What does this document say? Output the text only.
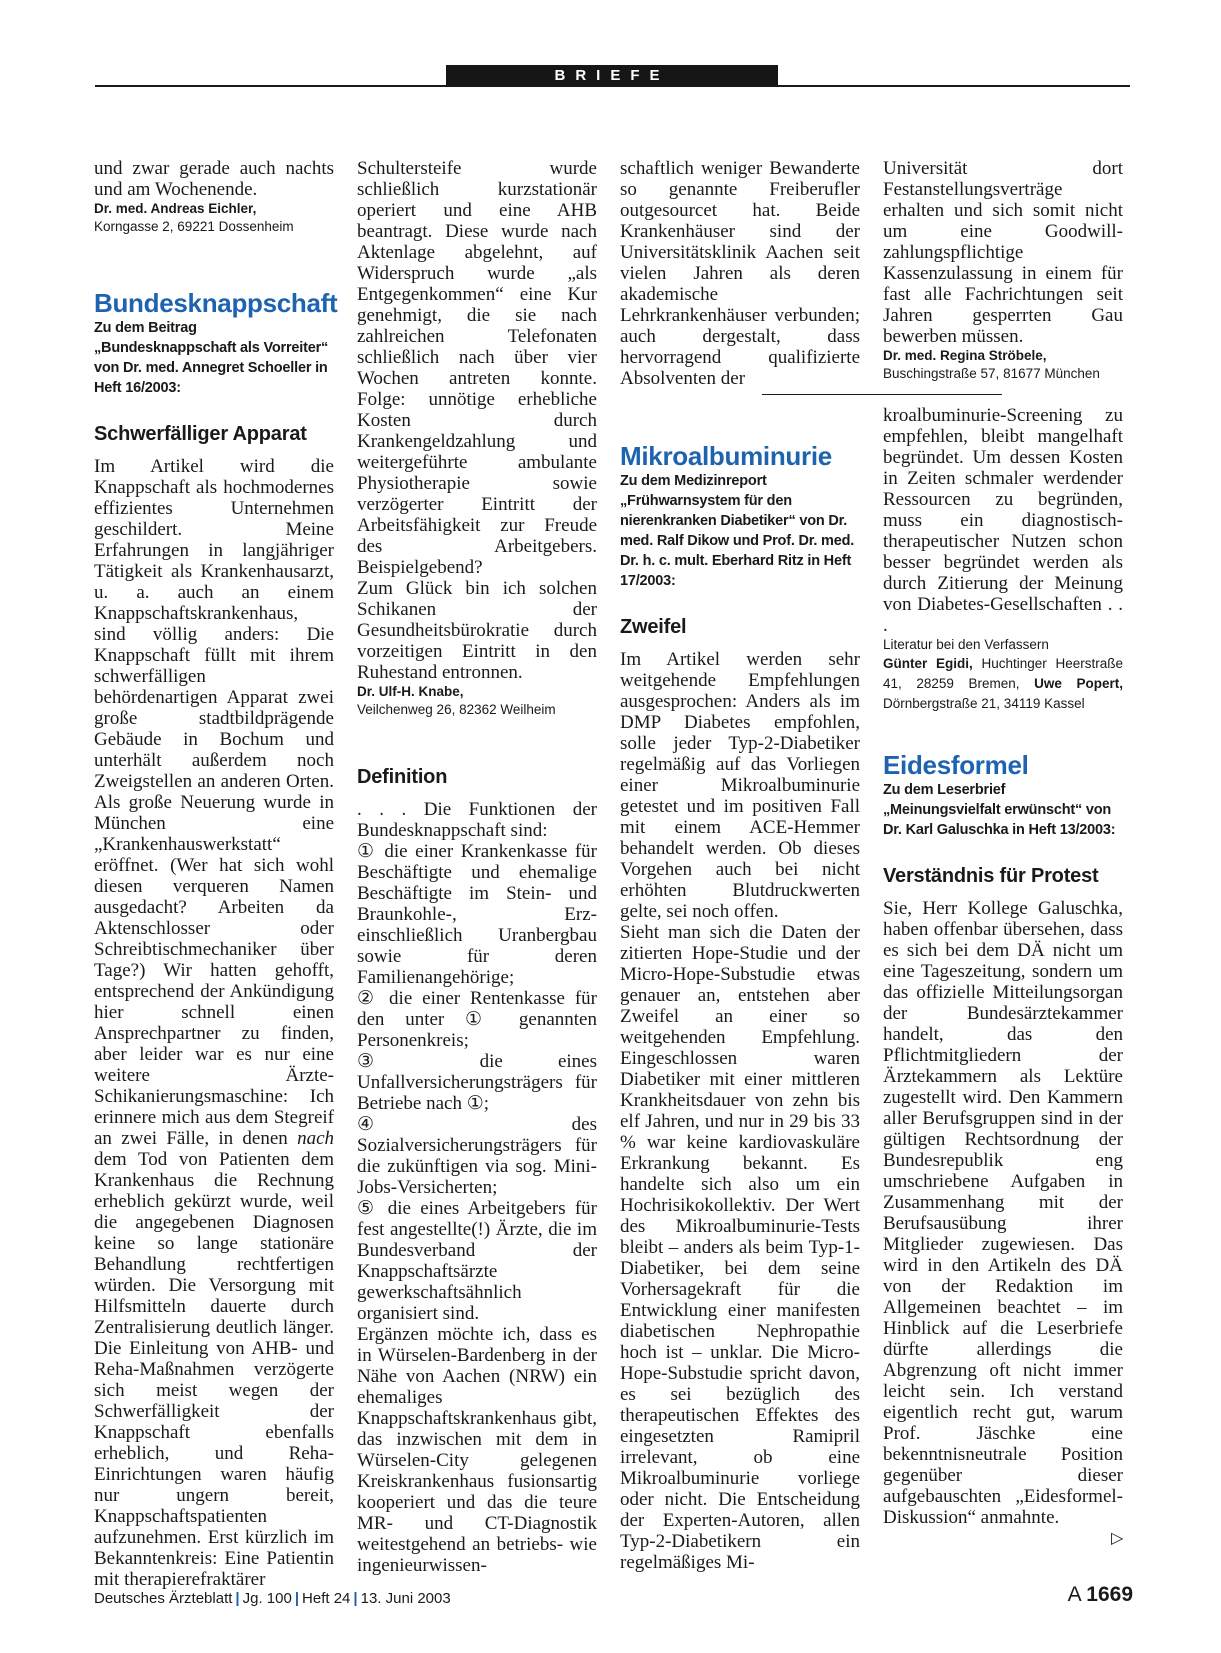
BRIEFE

und zwar gerade auch nachts und am Wochenende.

Dr. med. Andreas Eichler,

Korngasse 2, 69221 Dossenheim

Bundesknappschaft

Zu dem Beitrag „Bundesknappschaft als Vorreiter“ von Dr. med. Annegret Schoeller in Heft 16/2003:

Schwerfälliger Apparat

Im Artikel wird die Knappschaft als hochmodernes effizientes Unternehmen geschildert. Meine Erfahrungen in langjähriger Tätigkeit als Krankenhausarzt, u. a. auch an einem Knappschaftskrankenhaus, sind völlig anders: Die Knappschaft füllt mit ihrem schwerfälligen behördenartigen Apparat zwei große stadtbildprägende Gebäude in Bochum und unterhält außerdem noch Zweigstellen an anderen Orten. Als große Neuerung wurde in München eine „Krankenhauswerkstatt“ eröffnet. (Wer hat sich wohl diesen verqueren Namen ausgedacht? Arbeiten da Aktenschlosser oder Schreibtischmechaniker über Tage?) Wir hatten gehofft, entsprechend der Ankündigung hier schnell einen Ansprechpartner zu finden, aber leider war es nur eine weitere Ärzte-Schikanierungsmaschine: Ich erinnere mich aus dem Stegreif an zwei Fälle, in denen nach dem Tod von Patienten dem Krankenhaus die Rechnung erheblich gekürzt wurde, weil die angegebenen Diagnosen keine so lange stationäre Behandlung rechtfertigen würden. Die Versorgung mit Hilfsmitteln dauerte durch Zentralisierung deutlich länger. Die Einleitung von AHB- und Reha-Maßnahmen verzögerte sich meist wegen der Schwerfälligkeit der Knappschaft ebenfalls erheblich, und Reha-Einrichtungen waren häufig nur ungern bereit, Knappschaftspatienten aufzunehmen. Erst kürzlich im Bekanntenkreis: Eine Patientin mit therapierefraktärer

Schultersteife wurde schließlich kurzstationär operiert und eine AHB beantragt. Diese wurde nach Aktenlage abgelehnt, auf Widerspruch wurde „als Entgegenkommen“ eine Kur genehmigt, die sie nach zahlreichen Telefonaten schließlich nach über vier Wochen antreten konnte. Folge: unnötige erhebliche Kosten durch Krankengeldzahlung und weitergeführte ambulante Physiotherapie sowie verzögerter Eintritt der Arbeitsfähigkeit zur Freude des Arbeitgebers. Beispielgebend?

Zum Glück bin ich solchen Schikanen der Gesundheitsbürokratie durch vorzeitigen Eintritt in den Ruhestand entronnen.

Dr. Ulf-H. Knabe,

Veilchenweg 26, 82362 Weilheim

Definition

. . . Die Funktionen der Bundesknappschaft sind:

① die einer Krankenkasse für Beschäftigte und ehemalige Beschäftigte im Stein- und Braunkohle-, Erz- einschließlich Uranbergbau sowie für deren Familienangehörige;

② die einer Rentenkasse für den unter ① genannten Personenkreis;

③ die eines Unfallversicherungsträgers für Betriebe nach ①;

④ des Sozialversicherungsträgers für die zukünftigen via sog. Mini-Jobs-Versicherten;

⑤ die eines Arbeitgebers für fest angestellte(!) Ärzte, die im Bundesverband der Knappschaftsärzte gewerkschaftsähnlich organisiert sind.

Ergänzen möchte ich, dass es in Würselen-Bardenberg in der Nähe von Aachen (NRW) ein ehemaliges Knappschaftskrankenhaus gibt, das inzwischen mit dem in Würselen-City gelegenen Kreiskrankenhaus fusionsartig kooperiert und das die teure MR- und CT-Diagnostik weitestgehend an betriebs- wie ingenieurwissen-

schaftlich weniger Bewanderte so genannte Freiberufler outgesourcet hat. Beide Krankenhäuser sind der Universitätsklinik Aachen seit vielen Jahren als deren akademische Lehrkrankenhäuser verbunden; auch dergestalt, dass hervorragend qualifizierte Absolventen der

Mikroalbuminurie

Zu dem Medizinreport „Frühwarnsystem für den nierenkranken Diabetiker“ von Dr. med. Ralf Dikow und Prof. Dr. med. Dr. h. c. mult. Eberhard Ritz in Heft 17/2003:

Zweifel

Im Artikel werden sehr weitgehende Empfehlungen ausgesprochen: Anders als im DMP Diabetes empfohlen, solle jeder Typ-2-Diabetiker regelmäßig auf das Vorliegen einer Mikroalbuminurie getestet und im positiven Fall mit einem ACE-Hemmer behandelt werden. Ob dieses Vorgehen auch bei nicht erhöhten Blutdruckwerten gelte, sei noch offen.

Sieht man sich die Daten der zitierten Hope-Studie und der Micro-Hope-Substudie etwas genauer an, entstehen aber Zweifel an einer so weitgehenden Empfehlung. Eingeschlossen waren Diabetiker mit einer mittleren Krankheitsdauer von zehn bis elf Jahren, und nur in 29 bis 33 % war keine kardiovaskuläre Erkrankung bekannt. Es handelte sich also um ein Hochrisikokollektiv. Der Wert des Mikroalbuminurie-Tests bleibt – anders als beim Typ-1-Diabetiker, bei dem seine Vorhersagekraft für die Entwicklung einer manifesten diabetischen Nephropathie hoch ist – unklar. Die Micro-Hope-Substudie spricht davon, es sei bezüglich des therapeutischen Effektes des eingesetzten Ramipril irrelevant, ob eine Mikroalbuminurie vorliege oder nicht. Die Entscheidung der Experten-Autoren, allen Typ-2-Diabetikern ein regelmäßiges Mi-

Universität dort Festanstellungsverträge erhalten und sich somit nicht um eine Goodwill-zahlungspflichtige Kassenzulassung in einem für fast alle Fachrichtungen seit Jahren gesperrten Gau bewerben müssen.

Dr. med. Regina Ströbele,

Buschingstraße 57, 81677 München

kroalbuminurie-Screening zu empfehlen, bleibt mangelhaft begründet. Um dessen Kosten in Zeiten schmaler werdender Ressourcen zu begründen, muss ein diagnostisch-therapeutischer Nutzen schon besser begründet werden als durch Zitierung der Meinung von Diabetes-Gesellschaften . . .

Literatur bei den Verfassern

Günter Egidi, Huchtinger Heerstraße 41, 28259 Bremen, Uwe Popert, Dörnbergstraße 21, 34119 Kassel

Eidesformel

Zu dem Leserbrief „Meinungsvielfalt erwünscht“ von Dr. Karl Galuschka in Heft 13/2003:

Verständnis für Protest

Sie, Herr Kollege Galuschka, haben offenbar übersehen, dass es sich bei dem DÄ nicht um eine Tageszeitung, sondern um das offizielle Mitteilungsorgan der Bundesärztekammer handelt, das den Pflichtmitgliedern der Ärztekammern als Lektüre zugestellt wird. Den Kammern aller Berufsgruppen sind in der gültigen Rechtsordnung der Bundesrepublik eng umschriebene Aufgaben in Zusammenhang mit der Berufsausübung ihrer Mitglieder zugewiesen. Das wird in den Artikeln des DÄ von der Redaktion im Allgemeinen beachtet – im Hinblick auf die Leserbriefe dürfte allerdings die Abgrenzung oft nicht immer leicht sein. Ich verstand eigentlich recht gut, warum Prof. Jäschke eine bekenntnisneutrale Position gegenüber dieser aufgebauschten „Eidesformel-Diskussion“ anmahnte.

▷
Deutsches Ärzteblatt | Jg. 100 | Heft 24 | 13. Juni 2003	A 1669
